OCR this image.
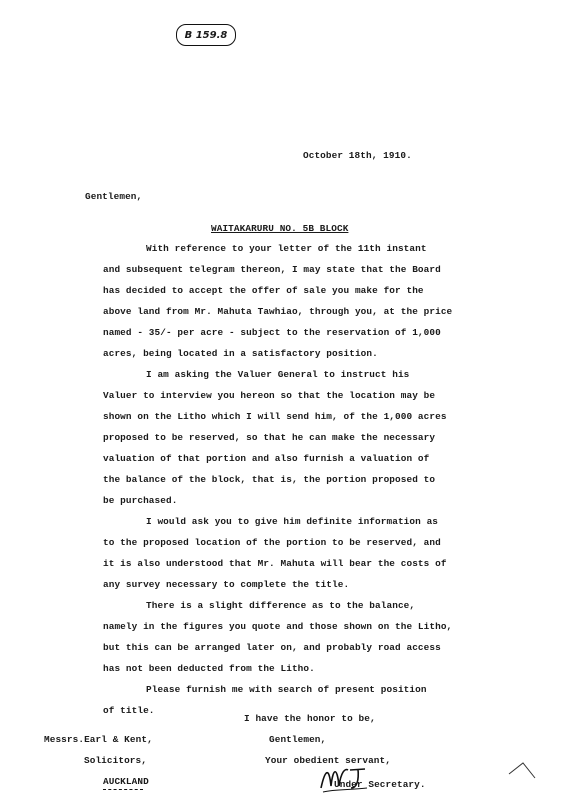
B 159.8
October 18th, 1910.
Gentlemen,
WAITAKARURU NO. 5B BLOCK
With reference to your letter of the 11th instant
and subsequent telegram thereon, I may state that the Board
has decided to accept the offer of sale you make for the
above land from Mr. Mahuta Tawhiao, through you, at the price
named - 35/- per acre - subject to the reservation of 1,000
acres, being located in a satisfactory position.
I am asking the Valuer General to instruct his
Valuer to interview you hereon so that the location may be
shown on the Litho which I will send him, of the 1,000 acres
proposed to be reserved, so that he can make the necessary
valuation of that portion and also furnish a valuation of
the balance of the block, that is, the portion proposed to
be purchased.
I would ask you to give him definite information as
to the proposed location of the portion to be reserved, and
it is also understood that Mr. Mahuta will bear the costs of
any survey necessary to complete the title.
There is a slight difference as to the balance,
namely in the figures you quote and those shown on the Litho,
but this can be arranged later on, and probably road access
has not been deducted from the Litho.
Please furnish me with search of present position
of title.
I have the honor to be,
Gentlemen,
Your obedient servant,
Messrs.Earl & Kent,
Solicitors,
AUCKLAND	Under Secretary.
